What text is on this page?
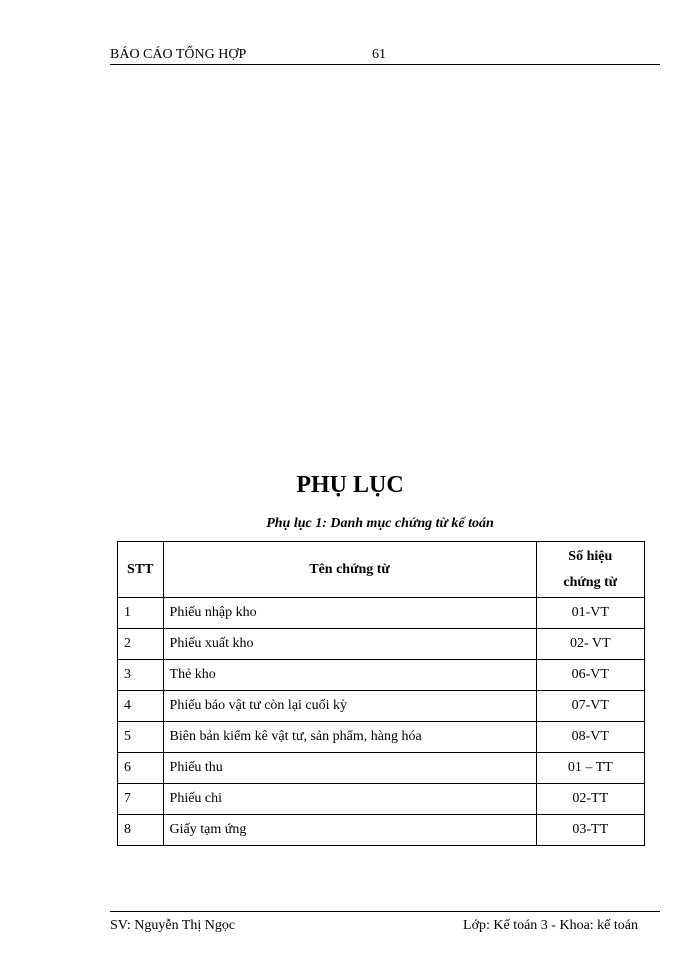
BÁO CÁO TỔNG HỢP	61
PHỤ LỤC
Phụ lục 1: Danh mục chứng từ kế toán
STT	Tên chứng từ	Số hiệu
chứng từ
1	Phiếu nhập kho	01-VT
2	Phiếu xuất kho	02- VT
3	Thẻ kho	06-VT
4	Phiếu báo vật tư còn lại cuối kỳ	07-VT
5	Biên bản kiểm kê vật tư, sản phẩm, hàng hóa	08-VT
6	Phiếu thu	01 – TT
7	Phiếu chi	02-TT
8	Giấy tạm ứng	03-TT
SV: Nguyễn Thị Ngọc	Lớp: Kế toán 3 - Khoa: kế toán
